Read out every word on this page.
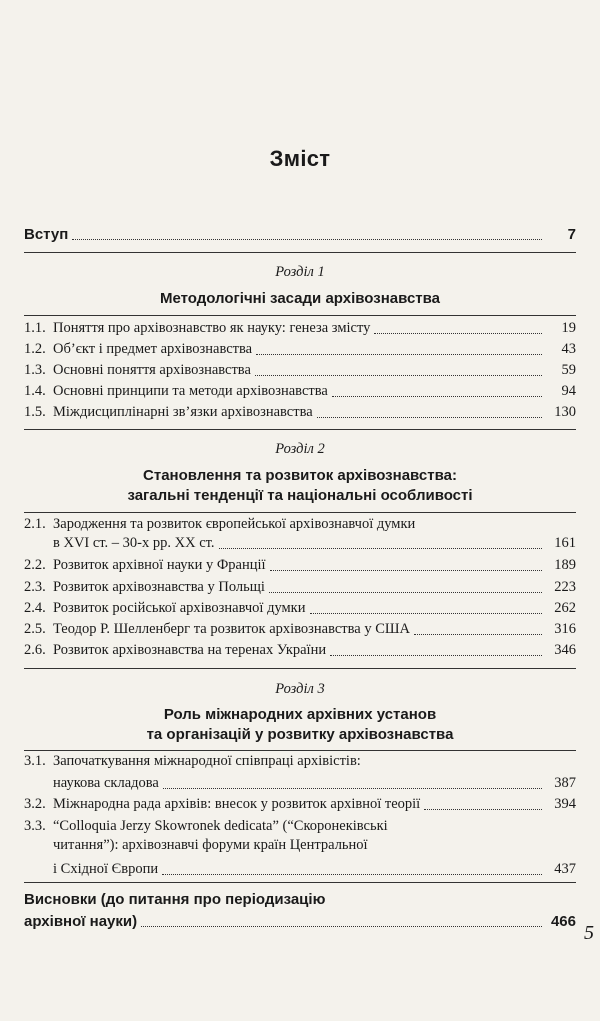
Зміст
Вступ	7
Розділ 1
Методологічні засади архівознавства
1.1. Поняття про архівознавство як науку: генеза змісту	19
1.2. Об’єкт і предмет архівознавства	43
1.3. Основні поняття архівознавства	59
1.4. Основні принципи та методи архівознавства	94
1.5. Міждисциплінарні зв’язки архівознавства	130
Розділ 2
Становлення та розвиток архівознавства:
загальні тенденції та національні особливості
2.1. Зародження та розвиток європейської архівознавчої думки
в XVI ст. – 30-х рр. ХХ ст.	161
2.2. Розвиток архівної науки у Франції	189
2.3. Розвиток архівознавства у Польщі	223
2.4. Розвиток російської архівознавчої думки	262
2.5. Теодор Р. Шелленберг та розвиток архівознавства у США	316
2.6. Розвиток архівознавства на теренах України	346
Розділ 3
Роль міжнародних архівних установ
та організацій у розвитку архівознавства
3.1. Започаткування міжнародної співпраці архівістів:
наукова складова	387
3.2. Міжнародна рада архівів: внесок у розвиток архівної теорії	394
3.3. “Colloquia Jerzy Skowronek dedicata” (“Скоронекiвські
читання”): архівознавчі форуми країн Центральної
і Східної Європи	437
Висновки (до питання про періодизацію
архівної науки)	466
5
